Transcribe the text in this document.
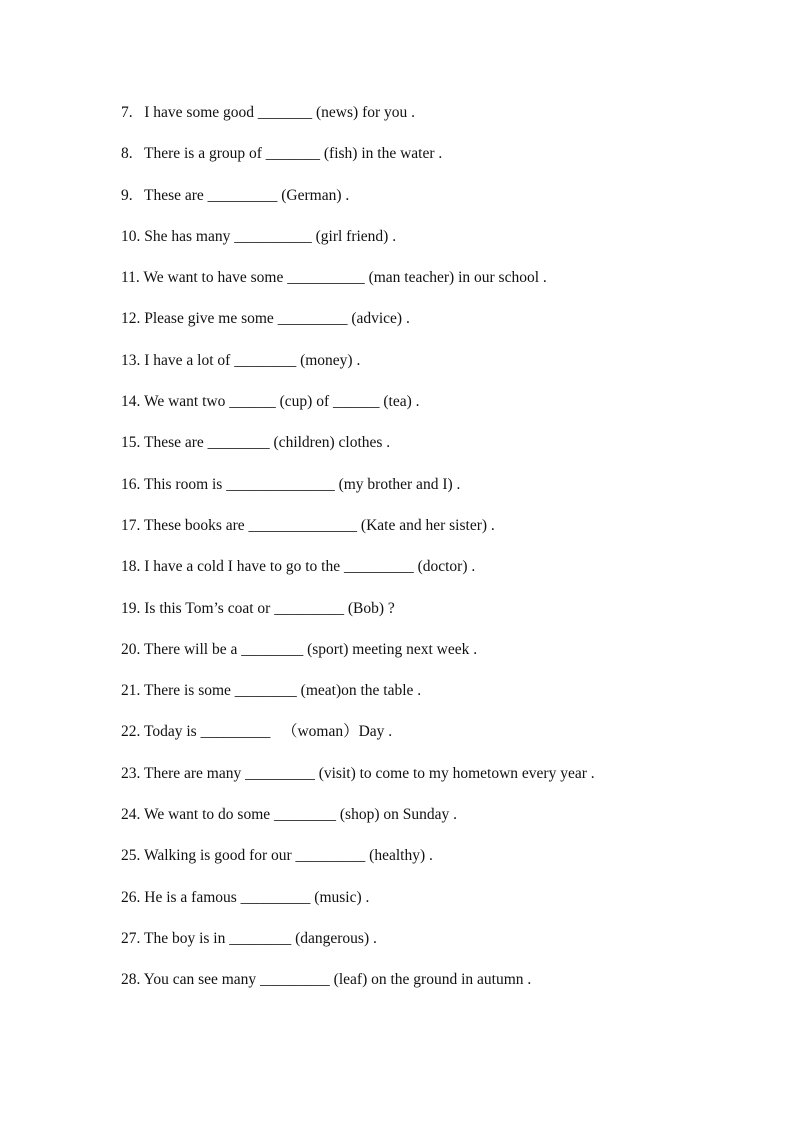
7.   I have some good _______ (news) for you .
8.   There is a group of _______ (fish) in the water .
9.   These are _________ (German) .
10. She has many __________ (girl friend) .
11. We want to have some __________ (man teacher) in our school .
12. Please give me some _________ (advice) .
13. I have a lot of ________ (money) .
14. We want two ______ (cup) of ______ (tea) .
15. These are ________ (children) clothes .
16. This room is ______________ (my brother and I) .
17. These books are ______________ (Kate and her sister) .
18. I have a cold I have to go to the _________ (doctor) .
19. Is this Tom’s coat or _________ (Bob) ?
20. There will be a ________ (sport) meeting next week .
21. There is some ________ (meat)on the table .
22. Today is _________   （woman）Day .
23. There are many _________ (visit) to come to my hometown every year .
24. We want to do some ________ (shop) on Sunday .
25. Walking is good for our _________ (healthy) .
26. He is a famous _________ (music) .
27. The boy is in ________ (dangerous) .
28. You can see many _________ (leaf) on the ground in autumn .
